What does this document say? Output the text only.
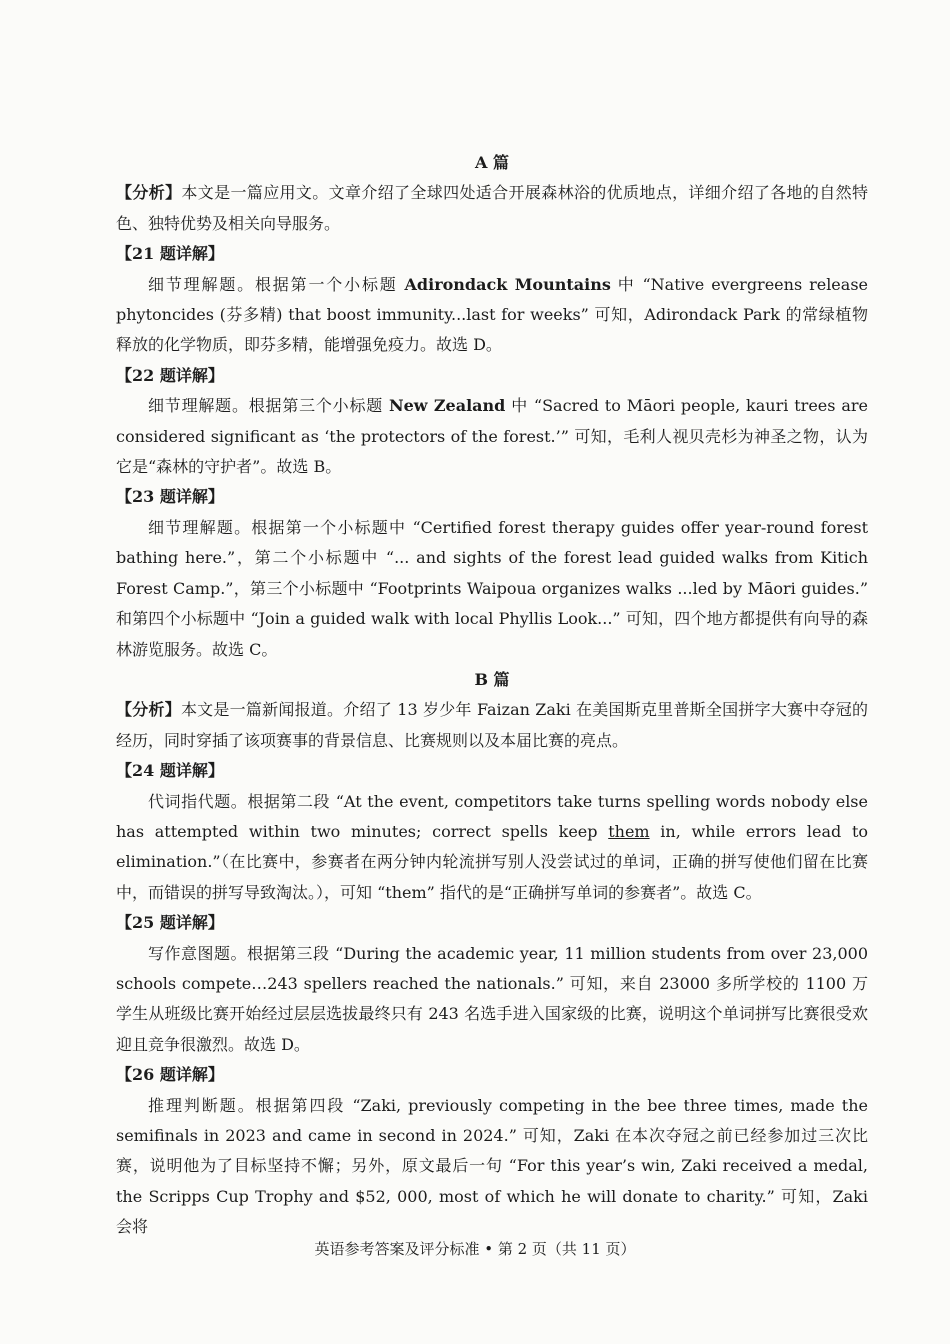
A 篇

【分析】本文是一篇应用文。文章介绍了全球四处适合开展森林浴的优质地点，详细介绍了各地的自然特色、独特优势及相关向导服务。

【21 题详解】

细节理解题。根据第一个小标题 Adirondack Mountains 中 “Native evergreens release phytoncides (芬多精) that boost immunity...last for weeks” 可知，Adirondack Park 的常绿植物释放的化学物质，即芬多精，能增强免疫力。故选 D。

【22 题详解】

细节理解题。根据第三个小标题 New Zealand 中 “Sacred to Māori people, kauri trees are considered significant as ‘the protectors of the forest.’” 可知，毛利人视贝壳杉为神圣之物，认为它是“森林的守护者”。故选 B。

【23 题详解】

细节理解题。根据第一个小标题中 “Certified forest therapy guides offer year-round forest bathing here.”，第二个小标题中 “... and sights of the forest lead guided walks from Kitich Forest Camp.”，第三个小标题中 “Footprints Waipoua organizes walks ...led by Māori guides.” 和第四个小标题中 “Join a guided walk with local Phyllis Look...” 可知，四个地方都提供有向导的森林游览服务。故选 C。

B 篇

【分析】本文是一篇新闻报道。介绍了 13 岁少年 Faizan Zaki 在美国斯克里普斯全国拼字大赛中夺冠的经历，同时穿插了该项赛事的背景信息、比赛规则以及本届比赛的亮点。

【24 题详解】

代词指代题。根据第二段 “At the event, competitors take turns spelling words nobody else has attempted within two minutes; correct spells keep them in, while errors lead to elimination.”（在比赛中，参赛者在两分钟内轮流拼写别人没尝试过的单词，正确的拼写使他们留在比赛中，而错误的拼写导致淘汰。），可知 “them” 指代的是“正确拼写单词的参赛者”。故选 C。

【25 题详解】

写作意图题。根据第三段 “During the academic year, 11 million students from over 23,000 schools compete…243 spellers reached the nationals.” 可知，来自 23000 多所学校的 1100 万学生从班级比赛开始经过层层选拔最终只有 243 名选手进入国家级的比赛，说明这个单词拼写比赛很受欢迎且竞争很激烈。故选 D。

【26 题详解】

推理判断题。根据第四段 “Zaki, previously competing in the bee three times, made the semifinals in 2023 and came in second in 2024.” 可知，Zaki 在本次夺冠之前已经参加过三次比赛，说明他为了目标坚持不懈；另外，原文最后一句 “For this year’s win, Zaki received a medal, the Scripps Cup Trophy and $52, 000, most of which he will donate to charity.” 可知，Zaki 会将

英语参考答案及评分标准 • 第 2 页（共 11 页）
